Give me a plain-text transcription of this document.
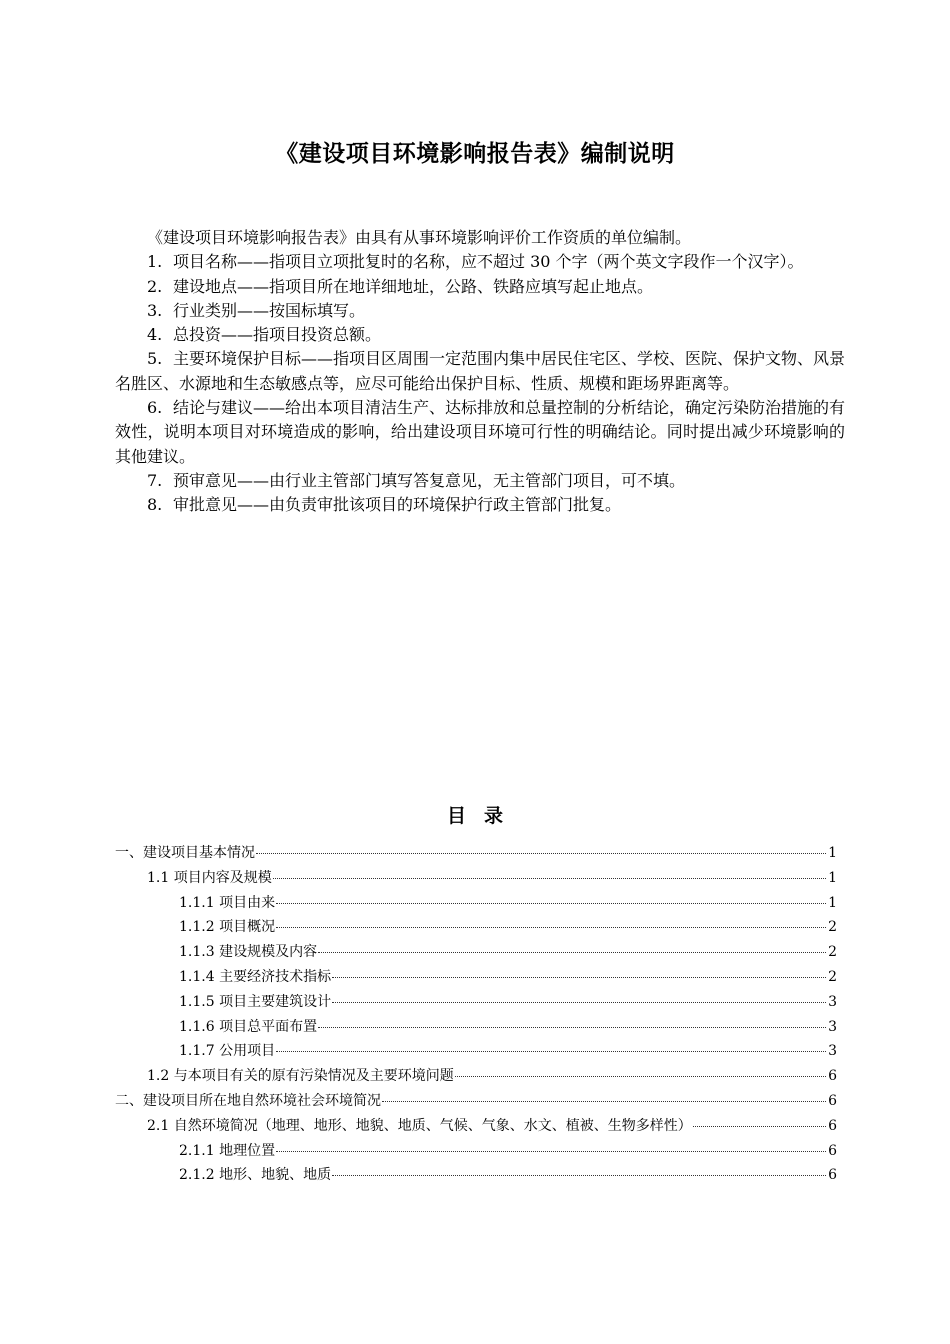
《建设项目环境影响报告表》编制说明

《建设项目环境影响报告表》由具有从事环境影响评价工作资质的单位编制。

1. 项目名称——指项目立项批复时的名称，应不超过 30 个字（两个英文字段作一个汉字）。

2. 建设地点——指项目所在地详细地址，公路、铁路应填写起止地点。

3. 行业类别——按国标填写。

4. 总投资——指项目投资总额。

5. 主要环境保护目标——指项目区周围一定范围内集中居民住宅区、学校、医院、保护文物、风景名胜区、水源地和生态敏感点等，应尽可能给出保护目标、性质、规模和距场界距离等。

6. 结论与建议——给出本项目清洁生产、达标排放和总量控制的分析结论，确定污染防治措施的有效性，说明本项目对环境造成的影响，给出建设项目环境可行性的明确结论。同时提出减少环境影响的其他建议。

7. 预审意见——由行业主管部门填写答复意见，无主管部门项目，可不填。

8. 审批意见——由负责审批该项目的环境保护行政主管部门批复。

目录
一、建设项目基本情况	1
1.1 项目内容及规模	1
1.1.1 项目由来	1
1.1.2 项目概况	2
1.1.3 建设规模及内容	2
1.1.4 主要经济技术指标	2
1.1.5 项目主要建筑设计	3
1.1.6 项目总平面布置	3
1.1.7 公用项目	3
1.2 与本项目有关的原有污染情况及主要环境问题	6
二、建设项目所在地自然环境社会环境简况	6
2.1 自然环境简况（地理、地形、地貌、地质、气候、气象、水文、植被、生物多样性）	6
2.1.1 地理位置	6
2.1.2 地形、地貌、地质	6
